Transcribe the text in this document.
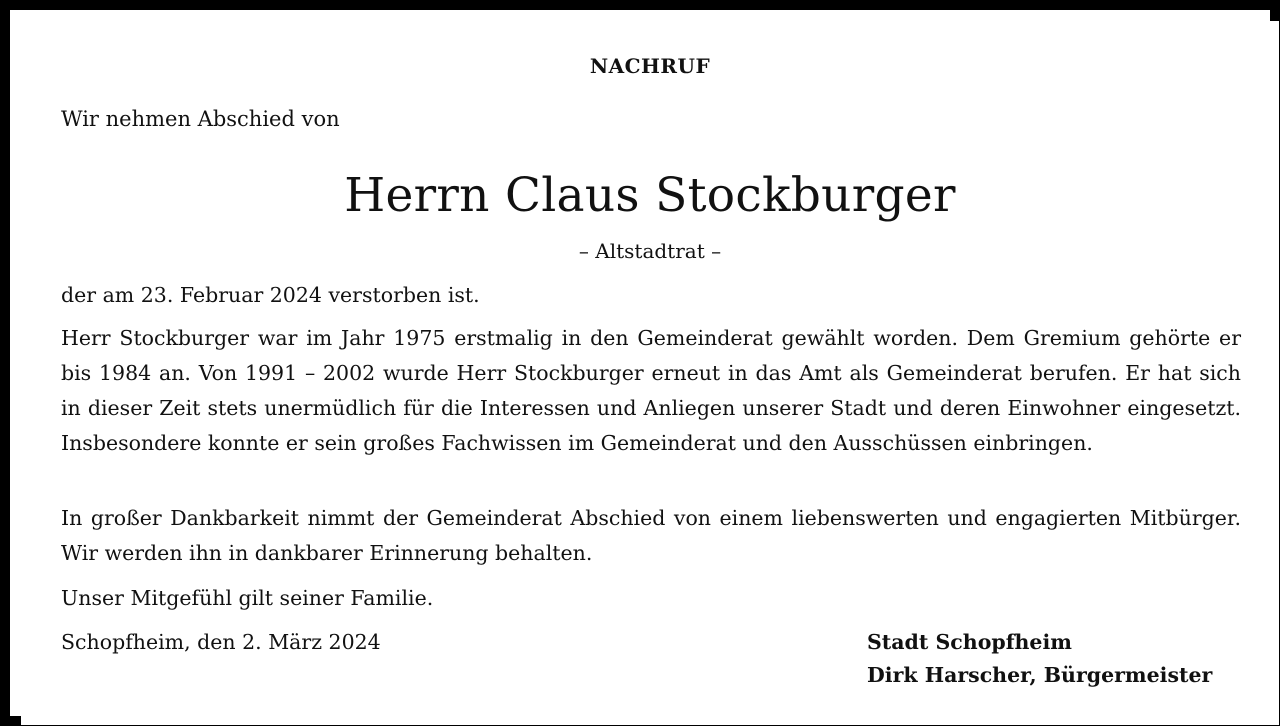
NACHRUF
Wir nehmen Abschied von
Herrn Claus Stockburger
– Altstadtrat –
der am 23. Februar 2024 verstorben ist.
Herr Stockburger war im Jahr 1975 erstmalig in den Gemeinderat gewählt worden. Dem Gremium gehörte er bis 1984 an. Von 1991 – 2002 wurde Herr Stockburger erneut in das Amt als Gemeinderat berufen. Er hat sich in dieser Zeit stets unermüdlich für die Interessen und Anliegen unserer Stadt und deren Einwohner eingesetzt. Insbesondere konnte er sein großes Fachwissen im Gemeinderat und den Ausschüssen einbringen.
In großer Dankbarkeit nimmt der Gemeinderat Abschied von einem liebenswerten und engagierten Mitbürger. Wir werden ihn in dankbarer Erinnerung behalten.
Unser Mitgefühl gilt seiner Familie.
Schopfheim, den 2. März 2024	Stadt Schopfheim
Dirk Harscher, Bürgermeister
